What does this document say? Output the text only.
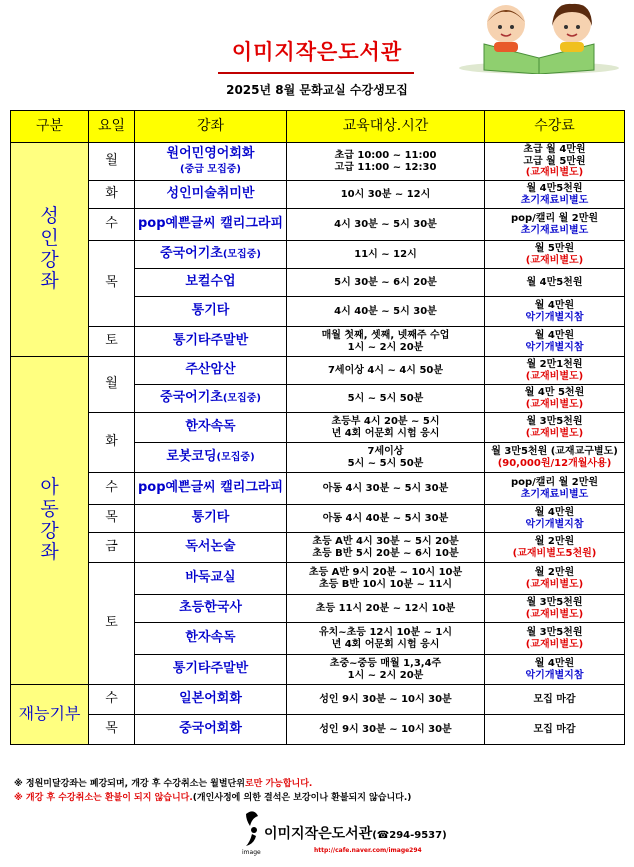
이미지작은도서관
2025년 8월 문화교실 수강생모집
구분	요일	강좌	교육대상.시간	수강료
성인강좌	월	원어민영어회화
(중급 모집중)	초급 10:00 ~ 11:00
고급 11:00 ~ 12:30	초급 월 4만원
고급 월 5만원
(교재비별도)
	화	성인미술취미반	10시 30분 ~ 12시	월 4만5천원
초기재료비별도
	수	pop예쁜글씨 캘리그라피	4시 30분 ~ 5시 30분	pop/캘리 월 2만원
초기재료비별도
	목	중국어기초(모집중)	11시 ~ 12시	월 5만원
(교재비별도)
		보컬수업	5시 30분 ~ 6시 20분	월 4만5천원
		통기타	4시 40분 ~ 5시 30분	월 4만원
악기개별지참
	토	통기타주말반	매월 첫째, 셋째, 넷째주 수업
1시 ~ 2시 20분	월 4만원
악기개별지참
아동강좌	월	주산암산	7세이상 4시 ~ 4시 50분	월 2만1천원
(교재비별도)
		중국어기초(모집중)	5시 ~ 5시 50분	월 4만 5천원
(교재비별도)
	화	한자속독	초등부 4시 20분 ~ 5시
년 4회 어문회 시험 응시	월 3만5천원
(교재비별도)
		로봇코딩(모집중)	7세이상
5시 ~ 5시 50분	월 3만5천원 (교재교구별도)
(90,000원/12개월사용)
	수	pop예쁜글씨 캘리그라피	아동 4시 30분 ~ 5시 30분	pop/캘리 월 2만원
초기재료비별도
	목	통기타	아동 4시 40분 ~ 5시 30분	월 4만원
악기개별지참
	금	독서논술	초등 A반 4시 30분 ~ 5시 20분
초등 B반 5시 20분 ~ 6시 10분	월 2만원
(교재비별도5천원)
	토	바둑교실	초등 A반 9시 20분 ~ 10시 10분
초등 B반 10시 10분 ~ 11시	월 2만원
(교재비별도)
		초등한국사	초등 11시 20분 ~ 12시 10분	월 3만5천원
(교재비별도)
		한자속독	유치~초등 12시 10분 ~ 1시
년 4회 어문회 시험 응시	월 3만5천원
(교재비별도)
		통기타주말반	초중~중등 매월 1,3,4주
1시 ~ 2시 20분	월 4만원
악기개별지참
재능기부	수	일본어회화	성인 9시 30분 ~ 10시 30분	모집 마감
	목	중국어회화	성인 9시 30분 ~ 10시 30분	모집 마감
※ 정원미달강좌는 폐강되며, 개강 후 수강취소는 월별단위로만 가능합니다.
※ 개강 후 수강취소는 환불이 되지 않습니다.(개인사정에 의한 결석은 보강이나 환불되지 않습니다.)
image
이미지작은도서관(☎294-9537)
http://cafe.naver.com/image294
